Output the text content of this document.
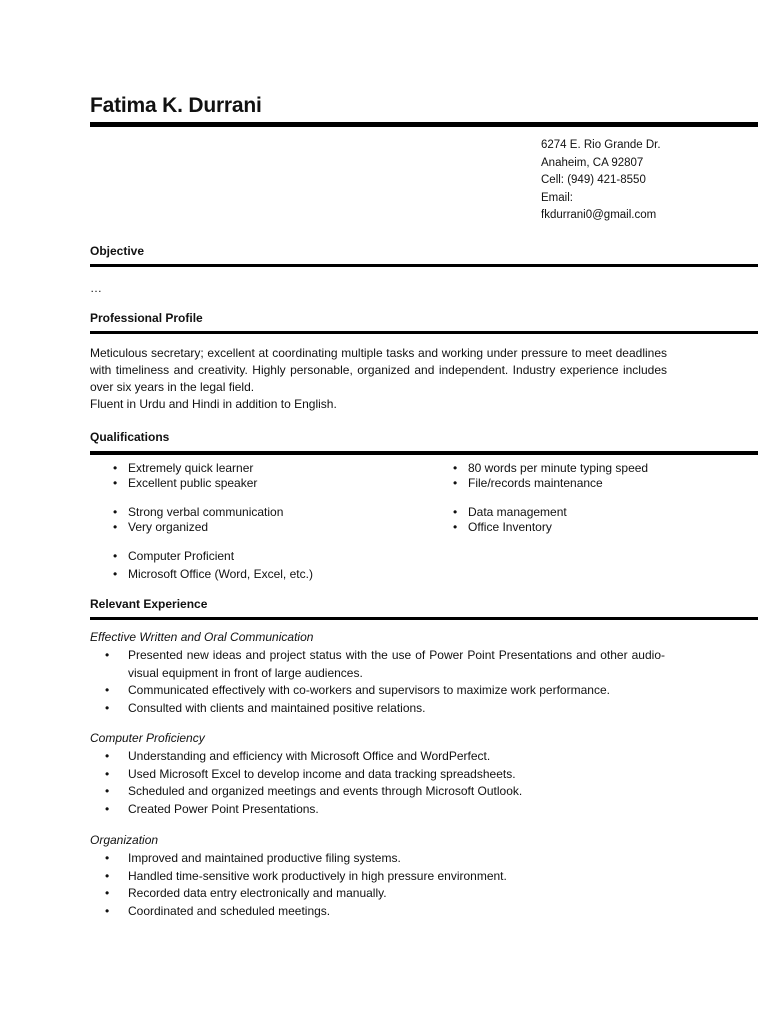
Fatima K. Durrani
6274 E. Rio Grande Dr.
Anaheim, CA 92807
Cell: (949) 421-8550
Email:
fkdurrani0@gmail.com
Objective
…
Professional Profile

Meticulous secretary; excellent at coordinating multiple tasks and working under pressure to meet deadlines with timeliness and creativity. Highly personable, organized and independent. Industry experience includes over six years in the legal field.

Fluent in Urdu and Hindi in addition to English.

Qualifications
• Extremely quick learner
• Excellent public speaker
• Strong verbal communication
• Very organized
• Computer Proficient
• Microsoft Office (Word, Excel, etc.)
• 80 words per minute typing speed
• File/records maintenance
• Data management
• Office Inventory
Relevant Experience
Effective Written and Oral Communication
• Presented new ideas and project status with the use of Power Point Presentations and other audio-visual equipment in front of large audiences.
• Communicated effectively with co-workers and supervisors to maximize work performance.
• Consulted with clients and maintained positive relations.
Computer Proficiency
• Understanding and efficiency with Microsoft Office and WordPerfect.
• Used Microsoft Excel to develop income and data tracking spreadsheets.
• Scheduled and organized meetings and events through Microsoft Outlook.
• Created Power Point Presentations.
Organization
• Improved and maintained productive filing systems.
• Handled time-sensitive work productively in high pressure environment.
• Recorded data entry electronically and manually.
• Coordinated and scheduled meetings.
